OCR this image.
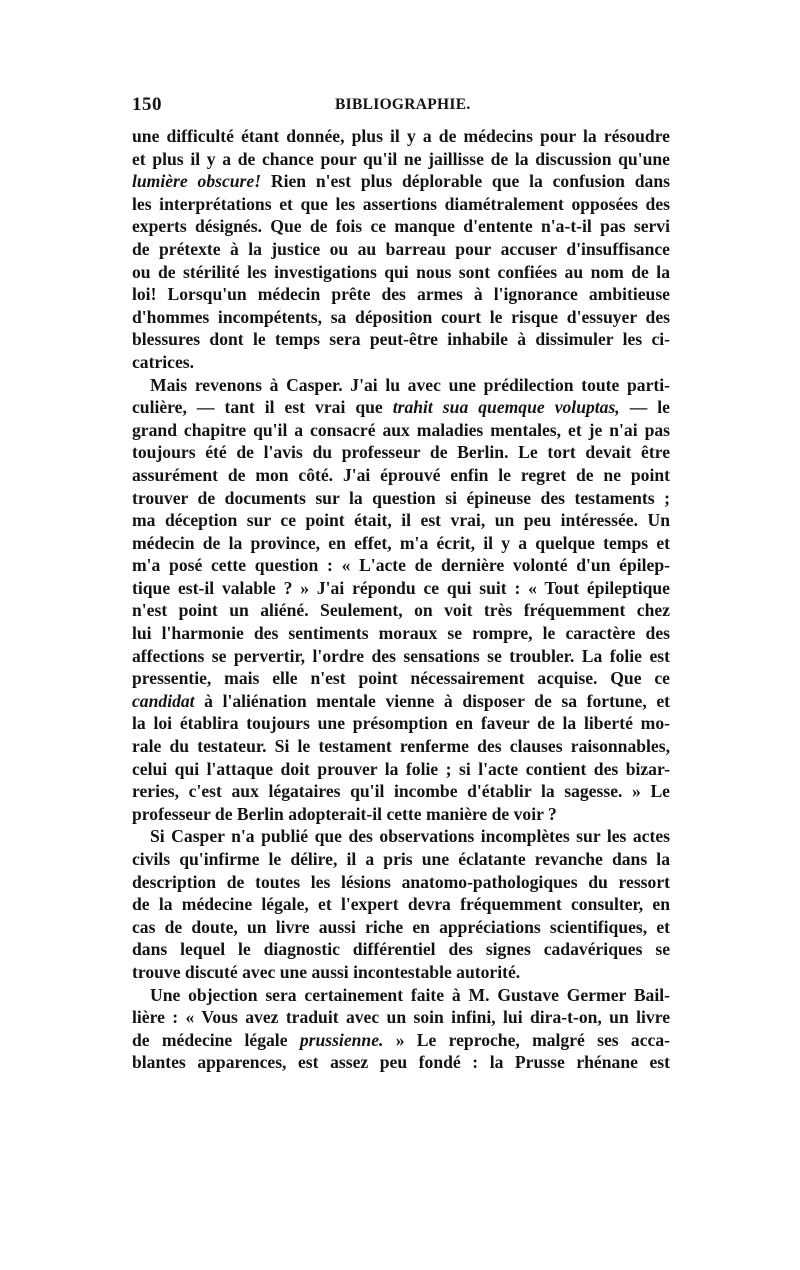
150	BIBLIOGRAPHIE.
une difficulté étant donnée, plus il y a de médecins pour la résoudre
et plus il y a de chance pour qu'il ne jaillisse de la discussion qu'une
lumière obscure! Rien n'est plus déplorable que la confusion dans
les interprétations et que les assertions diamétralement opposées des
experts désignés. Que de fois ce manque d'entente n'a-t-il pas servi
de prétexte à la justice ou au barreau pour accuser d'insuffisance
ou de stérilité les investigations qui nous sont confiées au nom de la
loi! Lorsqu'un médecin prête des armes à l'ignorance ambitieuse
d'hommes incompétents, sa déposition court le risque d'essuyer des
blessures dont le temps sera peut-être inhabile à dissimuler les ci-
catrices.
Mais revenons à Casper. J'ai lu avec une prédilection toute parti-
culière, — tant il est vrai que trahit sua quemque voluptas, — le
grand chapitre qu'il a consacré aux maladies mentales, et je n'ai pas
toujours été de l'avis du professeur de Berlin. Le tort devait être
assurément de mon côté. J'ai éprouvé enfin le regret de ne point
trouver de documents sur la question si épineuse des testaments ;
ma déception sur ce point était, il est vrai, un peu intéressée. Un
médecin de la province, en effet, m'a écrit, il y a quelque temps et
m'a posé cette question : « L'acte de dernière volonté d'un épilep-
tique est-il valable ? » J'ai répondu ce qui suit : « Tout épileptique
n'est point un aliéné. Seulement, on voit très fréquemment chez
lui l'harmonie des sentiments moraux se rompre, le caractère des
affections se pervertir, l'ordre des sensations se troubler. La folie est
pressentie, mais elle n'est point nécessairement acquise. Que ce
candidat à l'aliénation mentale vienne à disposer de sa fortune, et
la loi établira toujours une présomption en faveur de la liberté mo-
rale du testateur. Si le testament renferme des clauses raisonnables,
celui qui l'attaque doit prouver la folie ; si l'acte contient des bizar-
reries, c'est aux légataires qu'il incombe d'établir la sagesse. » Le
professeur de Berlin adopterait-il cette manière de voir ?
Si Casper n'a publié que des observations incomplètes sur les actes
civils qu'infirme le délire, il a pris une éclatante revanche dans la
description de toutes les lésions anatomo-pathologiques du ressort
de la médecine légale, et l'expert devra fréquemment consulter, en
cas de doute, un livre aussi riche en appréciations scientifiques, et
dans lequel le diagnostic différentiel des signes cadavériques se
trouve discuté avec une aussi incontestable autorité.
Une objection sera certainement faite à M. Gustave Germer Bail-
lière : « Vous avez traduit avec un soin infini, lui dira-t-on, un livre
de médecine légale prussienne. » Le reproche, malgré ses acca-
blantes apparences, est assez peu fondé : la Prusse rhénane est
